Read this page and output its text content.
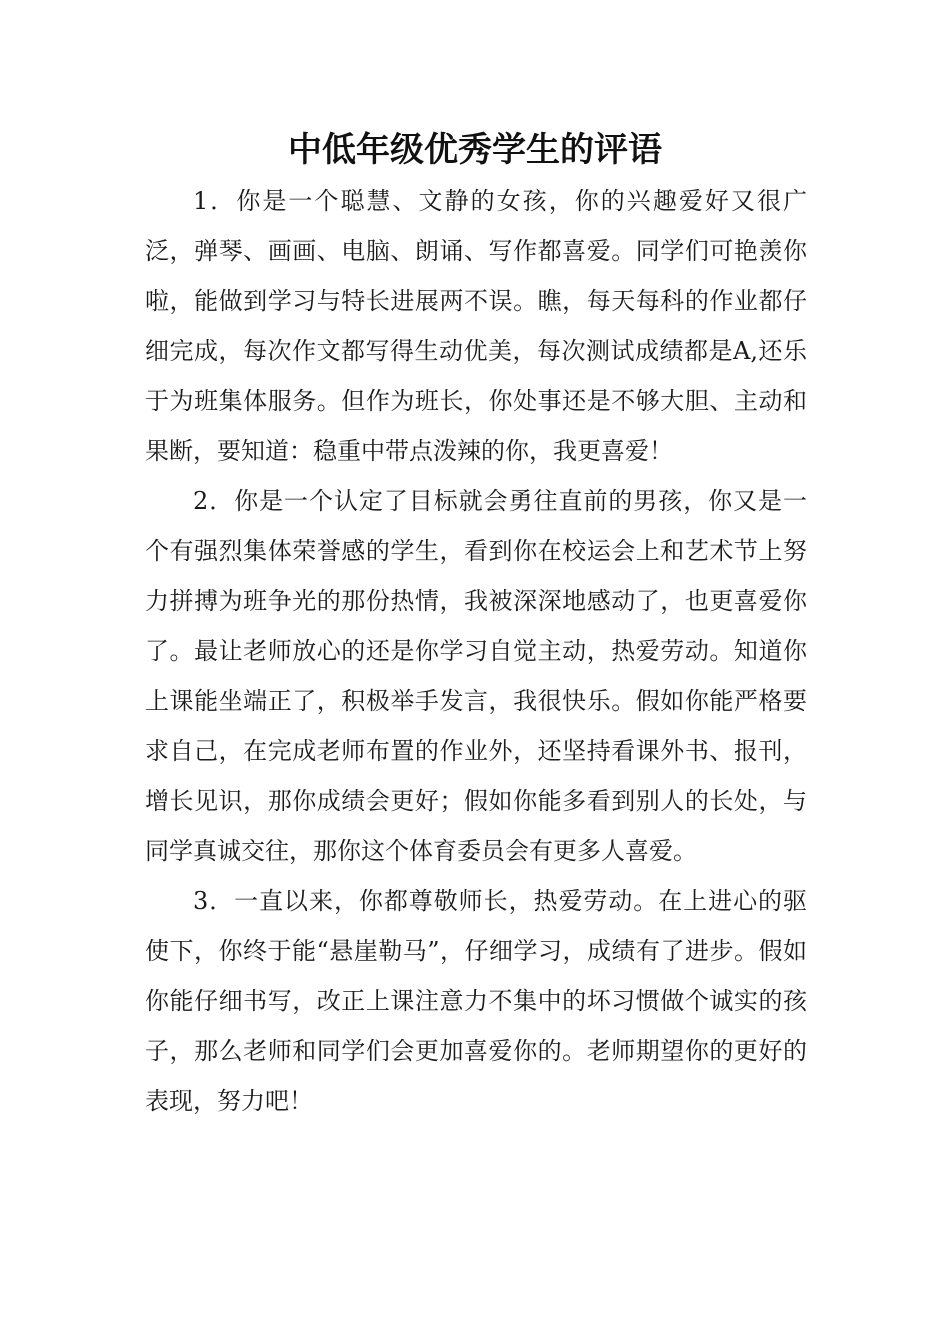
中低年级优秀学生的评语

1．你是一个聪慧、文静的女孩，你的兴趣爱好又很广泛，弹琴、画画、电脑、朗诵、写作都喜爱。同学们可艳羡你啦，能做到学习与特长进展两不误。瞧，每天每科的作业都仔细完成，每次作文都写得生动优美，每次测试成绩都是A,还乐于为班集体服务。但作为班长，你处事还是不够大胆、主动和果断，要知道：稳重中带点泼辣的你，我更喜爱！

2．你是一个认定了目标就会勇往直前的男孩，你又是一个有强烈集体荣誉感的学生，看到你在校运会上和艺术节上努力拼搏为班争光的那份热情，我被深深地感动了，也更喜爱你了。最让老师放心的还是你学习自觉主动，热爱劳动。知道你上课能坐端正了，积极举手发言，我很快乐。假如你能严格要求自己，在完成老师布置的作业外，还坚持看课外书、报刊，增长见识，那你成绩会更好；假如你能多看到别人的长处，与同学真诚交往，那你这个体育委员会有更多人喜爱。

3．一直以来，你都尊敬师长，热爱劳动。在上进心的驱使下，你终于能“悬崖勒马”，仔细学习，成绩有了进步。假如你能仔细书写，改正上课注意力不集中的坏习惯做个诚实的孩子，那么老师和同学们会更加喜爱你的。老师期望你的更好的表现，努力吧！
